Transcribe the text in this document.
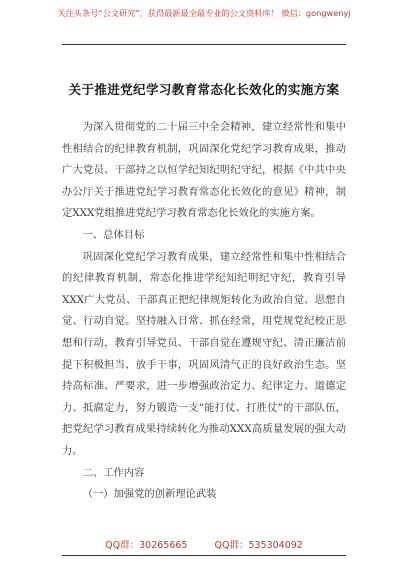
关注头条号“公文研究”，获得最新最全最专业的公文资料库！ 微信：gongwenyj
关于推进党纪学习教育常态化长效化的实施方案

为深入贯彻党的二十届三中全会精神，建立经常性和集中性相结合的纪律教育机制，巩固深化党纪学习教育成果，推动广大党员、干部持之以恒学纪知纪明纪守纪，根据《中共中央办公厅关于推进党纪学习教育常态化长效化的意见》精神，制定XXX党组推进党纪学习教育常态化长效化的实施方案。

一、总体目标

巩固深化党纪学习教育成果，建立经常性和集中性相结合的纪律教育机制，常态化推进学纪知纪明纪守纪，教育引导XXX广大党员、干部真正把纪律规矩转化为政治自觉、思想自觉、行动自觉。坚持融入日常、抓在经常，用党规党纪校正思想和行动，教育引导党员、干部自觉在遵规守纪、清正廉洁前提下积极担当、放手干事，巩固风清气正的良好政治生态。坚持高标准、严要求，进一步增强政治定力、纪律定力、道德定力、抵腐定力，努力锻造一支“能打仗、打胜仗”的干部队伍，把党纪学习教育成果持续转化为推动XXX高质量发展的强大动力。

二、工作内容

（一）加强党的创新理论武装

QQ群：30265665	QQ群：535304092
